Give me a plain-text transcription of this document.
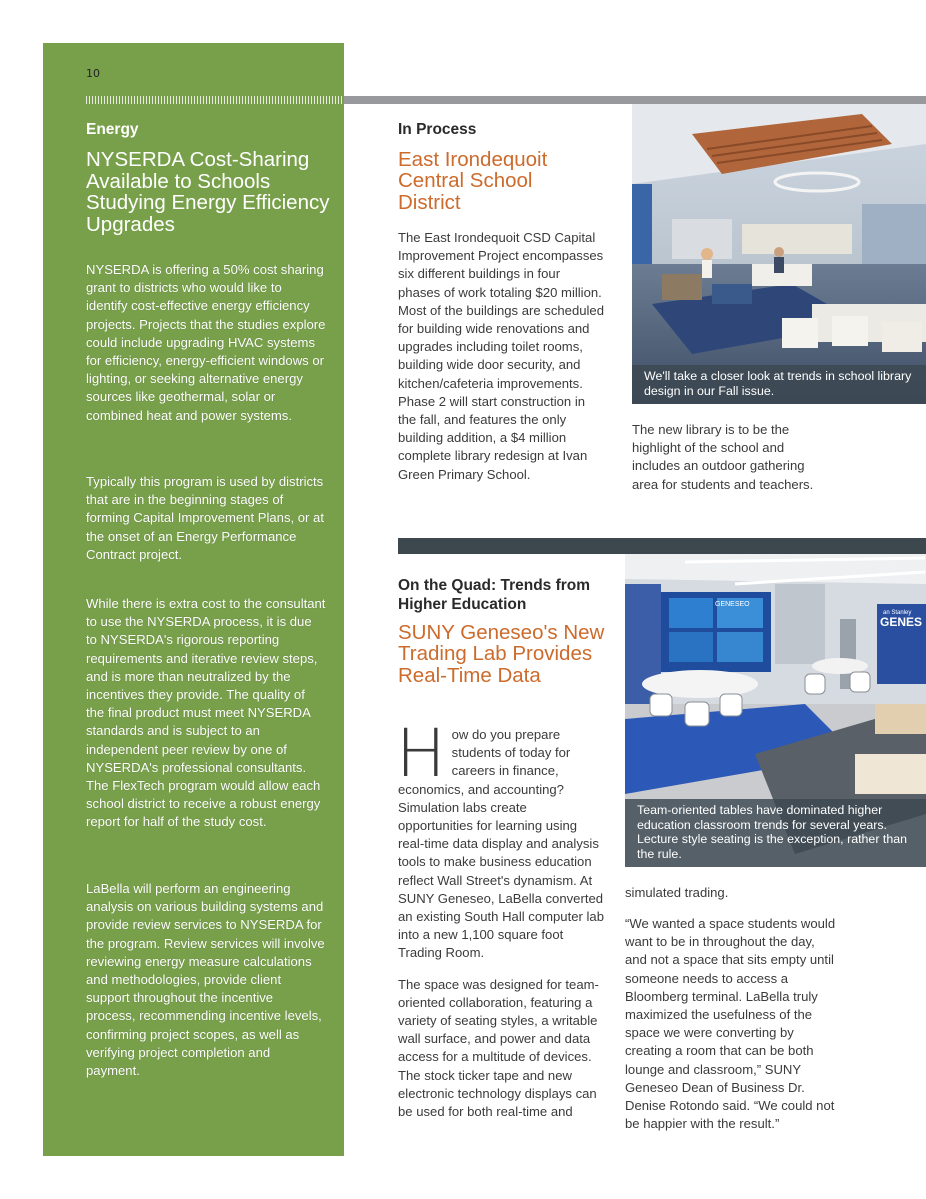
10
Energy
NYSERDA Cost-Sharing Available to Schools Studying Energy Efficiency Upgrades

NYSERDA is offering a 50% cost sharing grant to districts who would like to identify cost-effective energy efficiency projects. Projects that the studies explore could include upgrading HVAC systems for efficiency, energy-efficient windows or lighting, or seeking alternative energy sources like geothermal, solar or combined heat and power systems.

Typically this program is used by districts that are in the beginning stages of forming Capital Improvement Plans, or at the onset of an Energy Performance Contract project.

While there is extra cost to the consultant to use the NYSERDA process, it is due to NYSERDA's rigorous reporting requirements and iterative review steps, and is more than neutralized by the incentives they provide. The quality of the final product must meet NYSERDA standards and is subject to an independent peer review by one of NYSERDA's professional consultants. The FlexTech program would allow each school district to receive a robust energy report for half of the study cost.

LaBella will perform an engineering analysis on various building systems and provide review services to NYSERDA for the program. Review services will involve reviewing energy measure calculations and methodologies, provide client support throughout the incentive process, recommending incentive levels, confirming project scopes, as well as verifying project completion and payment.

In Process
East Irondequoit Central School District

The East Irondequoit CSD Capital Improvement Project encompasses six different buildings in four phases of work totaling $20 million. Most of the buildings are scheduled for building wide renovations and upgrades including toilet rooms, building wide door security, and kitchen/cafeteria improvements. Phase 2 will start construction in the fall, and features the only building addition, a $4 million complete library redesign at Ivan Green Primary School.

We'll take a closer look at trends in school library design in our Fall issue.

The new library is to be the highlight of the school and includes an outdoor gathering area for students and teachers.

On the Quad: Trends from Higher Education
SUNY Geneseo's New Trading Lab Provides Real-Time Data

How do you prepare students of today for careers in finance, economics, and accounting? Simulation labs create opportunities for learning using real-time data display and analysis tools to make business education reflect Wall Street's dynamism. At SUNY Geneseo, LaBella converted an existing South Hall computer lab into a new 1,100 square foot Trading Room.

The space was designed for team-oriented collaboration, featuring a variety of seating styles, a writable wall surface, and power and data access for a multitude of devices. The stock ticker tape and new electronic technology displays can be used for both real-time and

GENES
an Stanley
GENESEO
Team-oriented tables have dominated higher education classroom trends for several years. Lecture style seating is the exception, rather than the rule.

simulated trading.

“We wanted a space students would want to be in throughout the day, and not a space that sits empty until someone needs to access a Bloomberg terminal. LaBella truly maximized the usefulness of the space we were converting by creating a room that can be both lounge and classroom,” SUNY Geneseo Dean of Business Dr. Denise Rotondo said. “We could not be happier with the result.”
